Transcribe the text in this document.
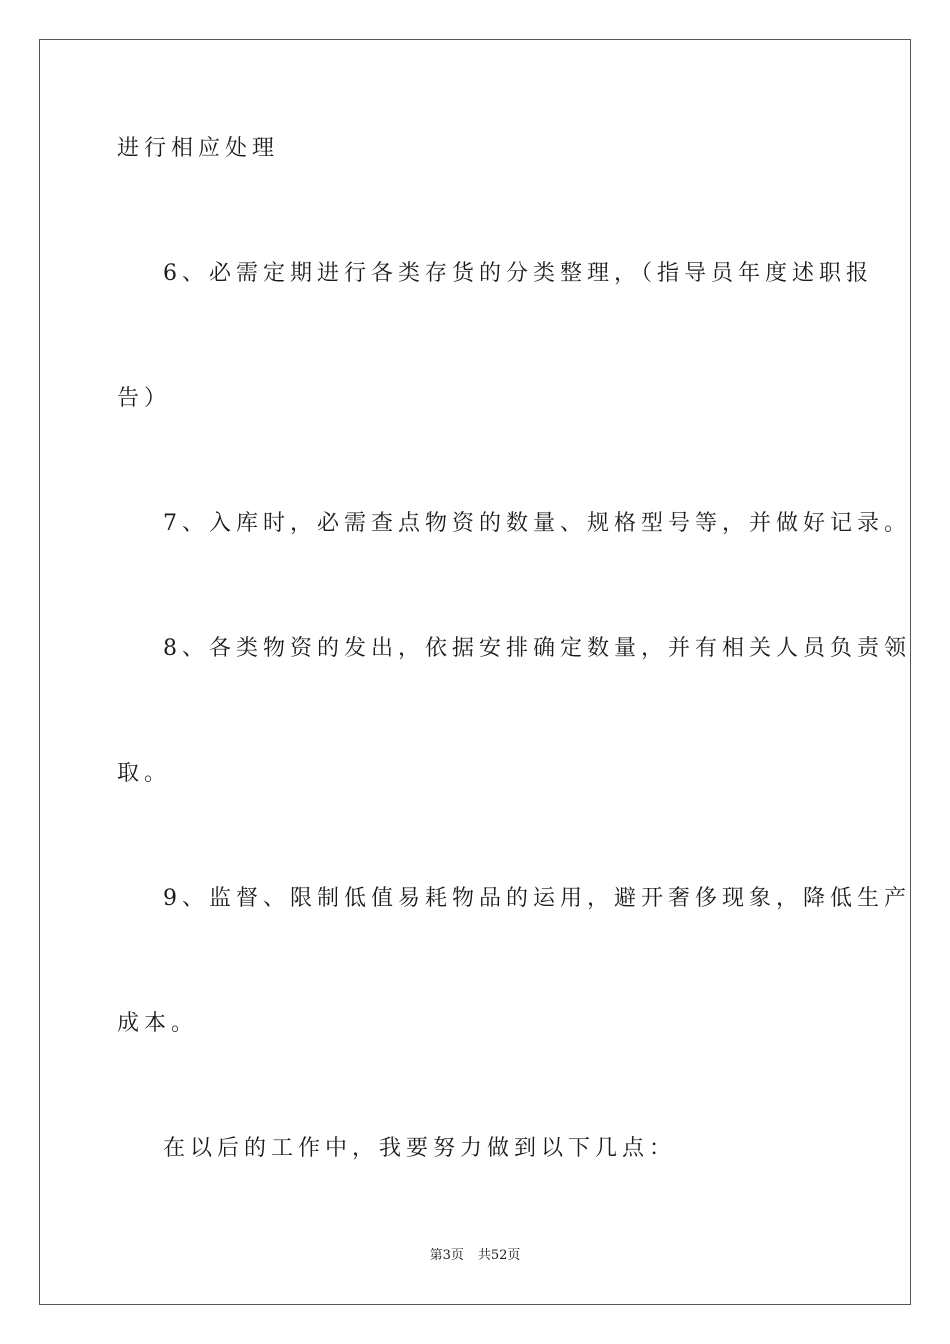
进行相应处理
6、必需定期进行各类存货的分类整理，（指导员年度述职报
告）
7、入库时，必需查点物资的数量、规格型号等，并做好记录。
8、各类物资的发出，依据安排确定数量，并有相关人员负责领
取。
9、监督、限制低值易耗物品的运用，避开奢侈现象，降低生产
成本。
在以后的工作中，我要努力做到以下几点：
第3页 共52页
